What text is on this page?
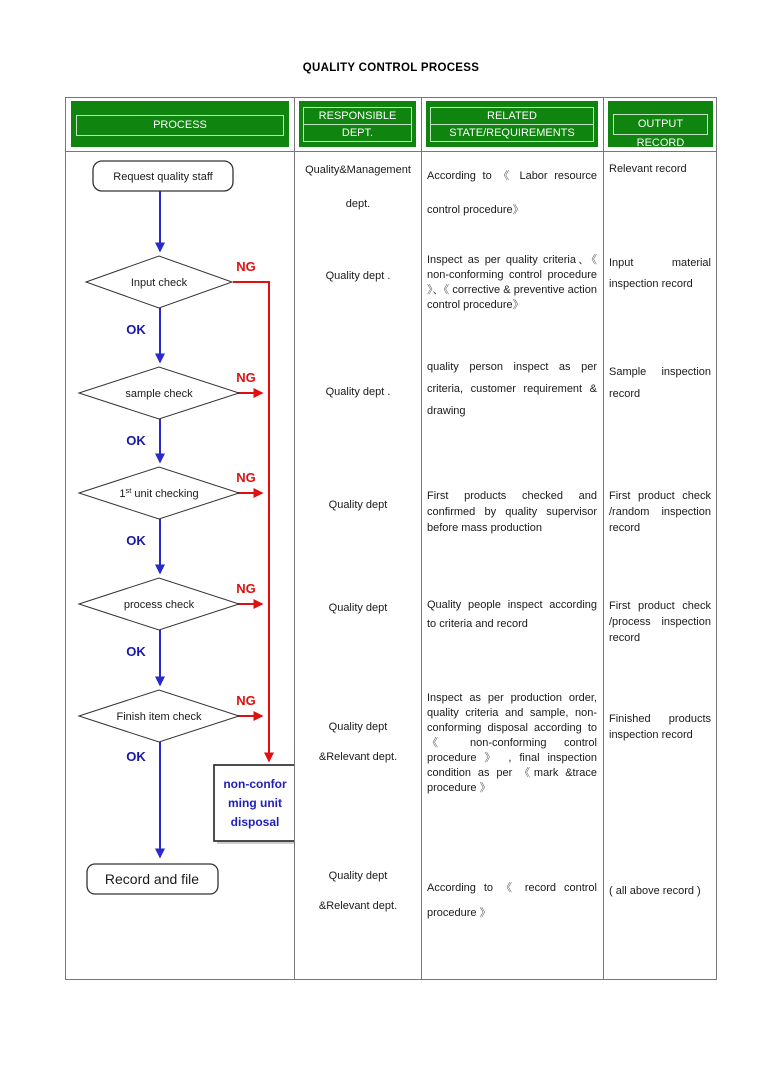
QUALITY CONTROL PROCESS
PROCESS
RESPONSIBLE
DEPT.
RELATED
STATE/REQUIREMENTS
OUTPUT RECORD
Request quality staff
Input check
sample check
1st unit checking
process check
Finish item check
OK
OK
OK
OK
OK
NG
NG
NG
NG
NG
non-confor
ming unit
disposal
Record and file
Quality&Management
dept.
Quality dept .
Quality dept .
Quality dept
Quality dept
Quality dept
&Relevant dept.
Quality dept
&Relevant dept.
According to 《 Labor resource control procedure》
Inspect as per quality criteria、《 non-conforming control procedure 》、《 corrective & preventive action control procedure》
quality person inspect as per criteria, customer requirement & drawing
First products checked and confirmed by quality supervisor before mass production
Quality people inspect according to criteria and record
Inspect as per production order, quality criteria and sample, non-conforming disposal according to 《 non-conforming control procedure 》 , final inspection condition as per 《mark &trace procedure 》
According to 《 record control procedure 》
Relevant record
Input material inspection record
Sample inspection record
First product check /random inspection record
First product check /process inspection record
Finished products inspection record
( all above record )
